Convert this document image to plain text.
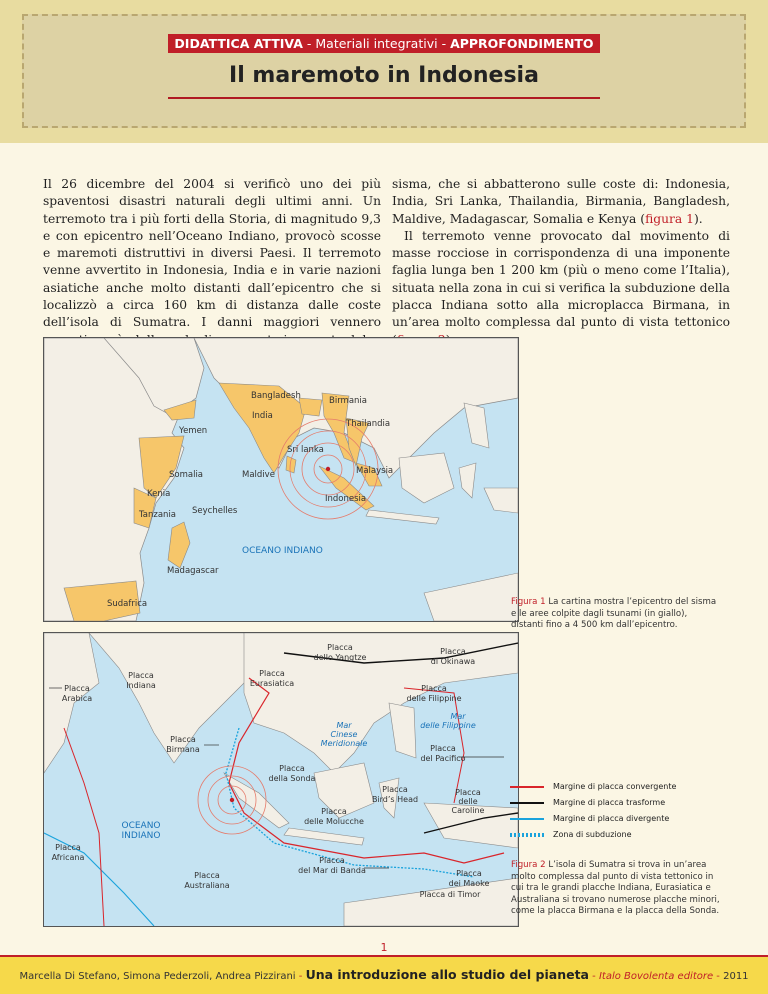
DIDATTICA ATTIVA - Materiali integrativi - APPROFONDIMENTO
Il maremoto in Indonesia

Il 26 dicembre del 2004 si verificò uno dei più spaventosi disastri naturali degli ultimi anni. Un terremoto tra i più forti della Storia, di magnitudo 9,3 e con epicentro nell’Oceano Indiano, provocò scosse e maremoti distruttivi in diversi Paesi. Il terremoto venne avvertito in Indonesia, India e in varie nazioni asiatiche anche molto distanti dall’epicentro che si localizzò a circa 160 km di distanza dalle coste dell’isola di Sumatra. I danni maggiori vennero

sisma, che si abbatterono sulle coste di: Indonesia, India, Sri Lanka, Thailandia, Birmania, Bangladesh, Maldive, Madagascar, Somalia e Kenya (figura 1).

Il terremoto venne provocato dal movimento di masse rocciose in corrispondenza di una imponente faglia lunga ben 1 200 km (più o meno come l’Italia), situata nella zona in cui si verifica la subduzione della placca Indiana sotto alla microplacca Birmana, in un’area molto complessa dal punto di vista tettonico

Bangladesh	Birmania
India
Yemen
Thailandia
Sri lanka
Malaysia
Somalia	Maldive
Kenia	Indonesia
Tanzania Seychelles
OCEANO INDIANO
Madagascar
Sudafrica	Figura 1 La cartina mostra l’epicentro del sisma e le aree colpite dagli tsunami (in giallo), distanti fino a 4 500 km dall’epicentro.
Placca
dello Yangtze
Placca
di Okinawa
Placca
Indiana
Placca
Eurasiatica
Placca
Arabica
Placca
delle Filippine
Mar
Cinese
Meridionale
Mar
delle Filippine
Placca
Birmana	Placca
del Pacifico
Placca
della Sonda
Placca
Bird’s Head
Placca
delle
Caroline
Placca
delle Molucche
OCEANO
INDIANO
Placca
Africana	Placca
del Mar di Banda	Placca
dei Maoke
Placca
Australiana
Placca di Timor
Margine di placca convergente
Margine di placca trasforme
Margine di placca divergente
Zona di subduzione
Figura 2 L’isola di Sumatra si trova in un’area molto complessa dal punto di vista tettonico in cui tra le grandi placche Indiana, Eurasiatica e Australiana si trovano numerose placche minori, come la placca Birmana e la placca della Sonda.
1
Marcella Di Stefano, Simona Pederzoli, Andrea Pizzirani - Una introduzione allo studio del pianeta - Italo Bovolenta editore - 2011
